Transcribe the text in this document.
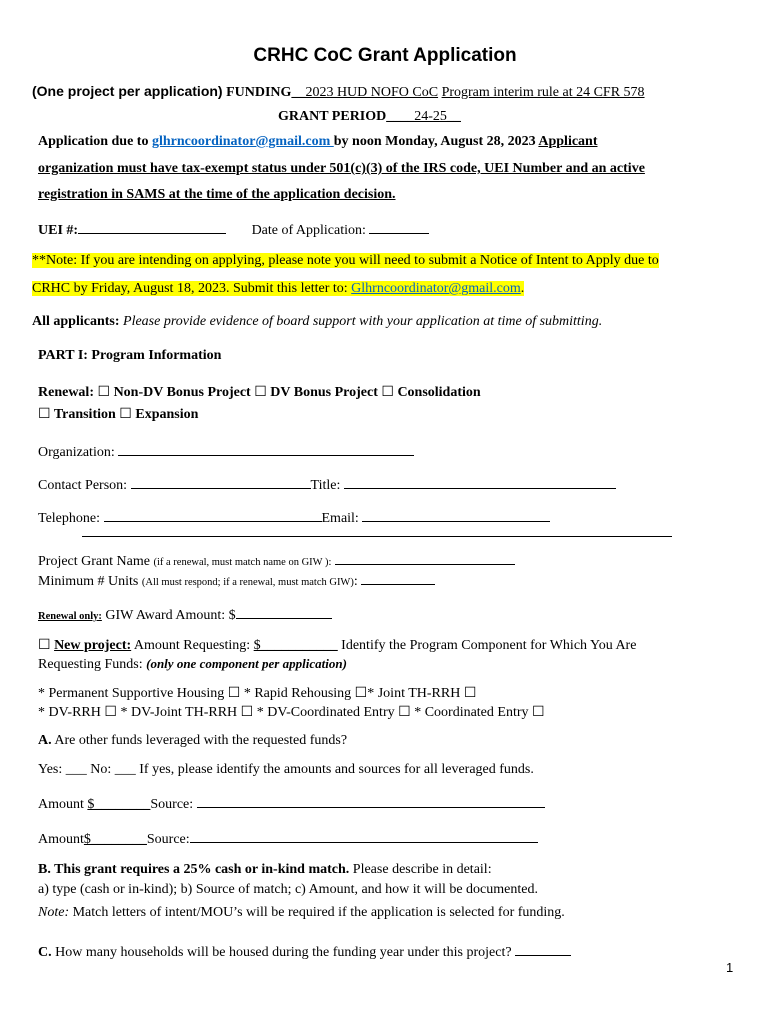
CRHC CoC Grant Application
(One project per application) FUNDING__2023 HUD NOFO CoC Program interim rule at 24 CFR 578
GRANT PERIOD____24-25__
Application due to glhrncoordinator@gmail.com by noon Monday, August 28, 2023 Applicant
organization must have tax-exempt status under 501(c)(3) of the IRS code, UEI Number and an active
registration in SAMS at the time of the application decision.
UEI #:	Date of Application:
**Note: If you are intending on applying, please note you will need to submit a Notice of Intent to Apply due to
CRHC by Friday, August 18, 2023. Submit this letter to: Glhrncoordinator@gmail.com.
All applicants: Please provide evidence of board support with your application at time of submitting.
PART I: Program Information
Renewal: ☐ Non-DV Bonus Project ☐ DV Bonus Project ☐ Consolidation
☐ Transition ☐ Expansion
Organization:
Contact Person:	Title:
Telephone:	Email:
Project Grant Name (if a renewal, must match name on GIW ):
Minimum # Units (All must respond; if a renewal, must match GIW):
Renewal only: GIW Award Amount: $
☐ New project: Amount Requesting: $___________ Identify the Program Component for Which You Are
Requesting Funds: (only one component per application)
* Permanent Supportive Housing ☐ * Rapid Rehousing ☐* Joint TH-RRH ☐
* DV-RRH ☐ * DV-Joint TH-RRH ☐ * DV-Coordinated Entry ☐ * Coordinated Entry ☐
A. Are other funds leveraged with the requested funds?
Yes: ___ No: ___ If yes, please identify the amounts and sources for all leveraged funds.
Amount $________Source:
Amount$________Source:
B. This grant requires a 25% cash or in-kind match. Please describe in detail:
a) type (cash or in-kind); b) Source of match; c) Amount, and how it will be documented.
Note: Match letters of intent/MOU’s will be required if the application is selected for funding.
C. How many households will be housed during the funding year under this project?
1
